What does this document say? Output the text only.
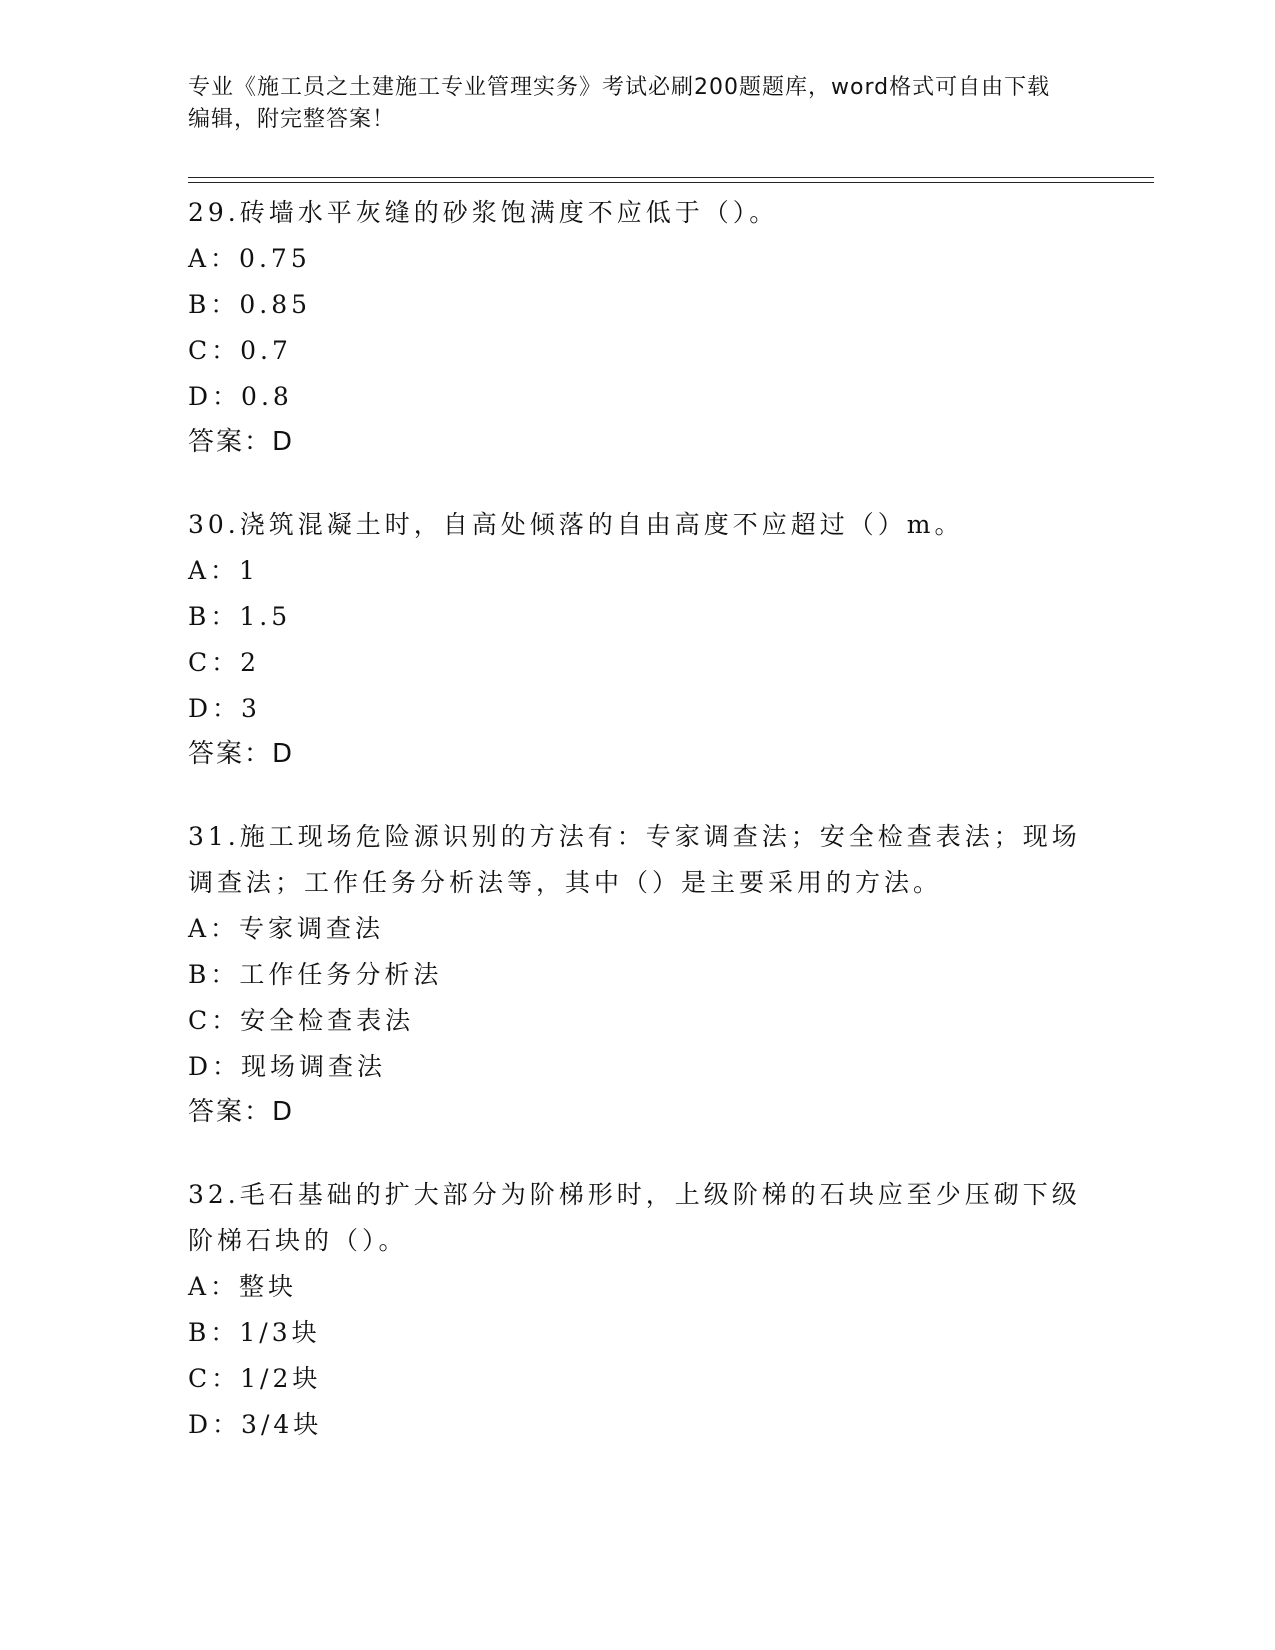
专业《施工员之土建施工专业管理实务》考试必刷200题题库，word格式可自由下载编辑，附完整答案！
29.砖墙水平灰缝的砂浆饱满度不应低于（）。
A：0.75
B：0.85
C：0.7
D：0.8
答案：D
30.浇筑混凝土时，自高处倾落的自由高度不应超过（）m。
A：1
B：1.5
C：2
D：3
答案：D
31.施工现场危险源识别的方法有：专家调查法；安全检查表法；现场调查法；工作任务分析法等，其中（）是主要采用的方法。
A：专家调查法
B：工作任务分析法
C：安全检查表法
D：现场调查法
答案：D
32.毛石基础的扩大部分为阶梯形时，上级阶梯的石块应至少压砌下级阶梯石块的（）。
A：整块
B：1/3块
C：1/2块
D：3/4块
